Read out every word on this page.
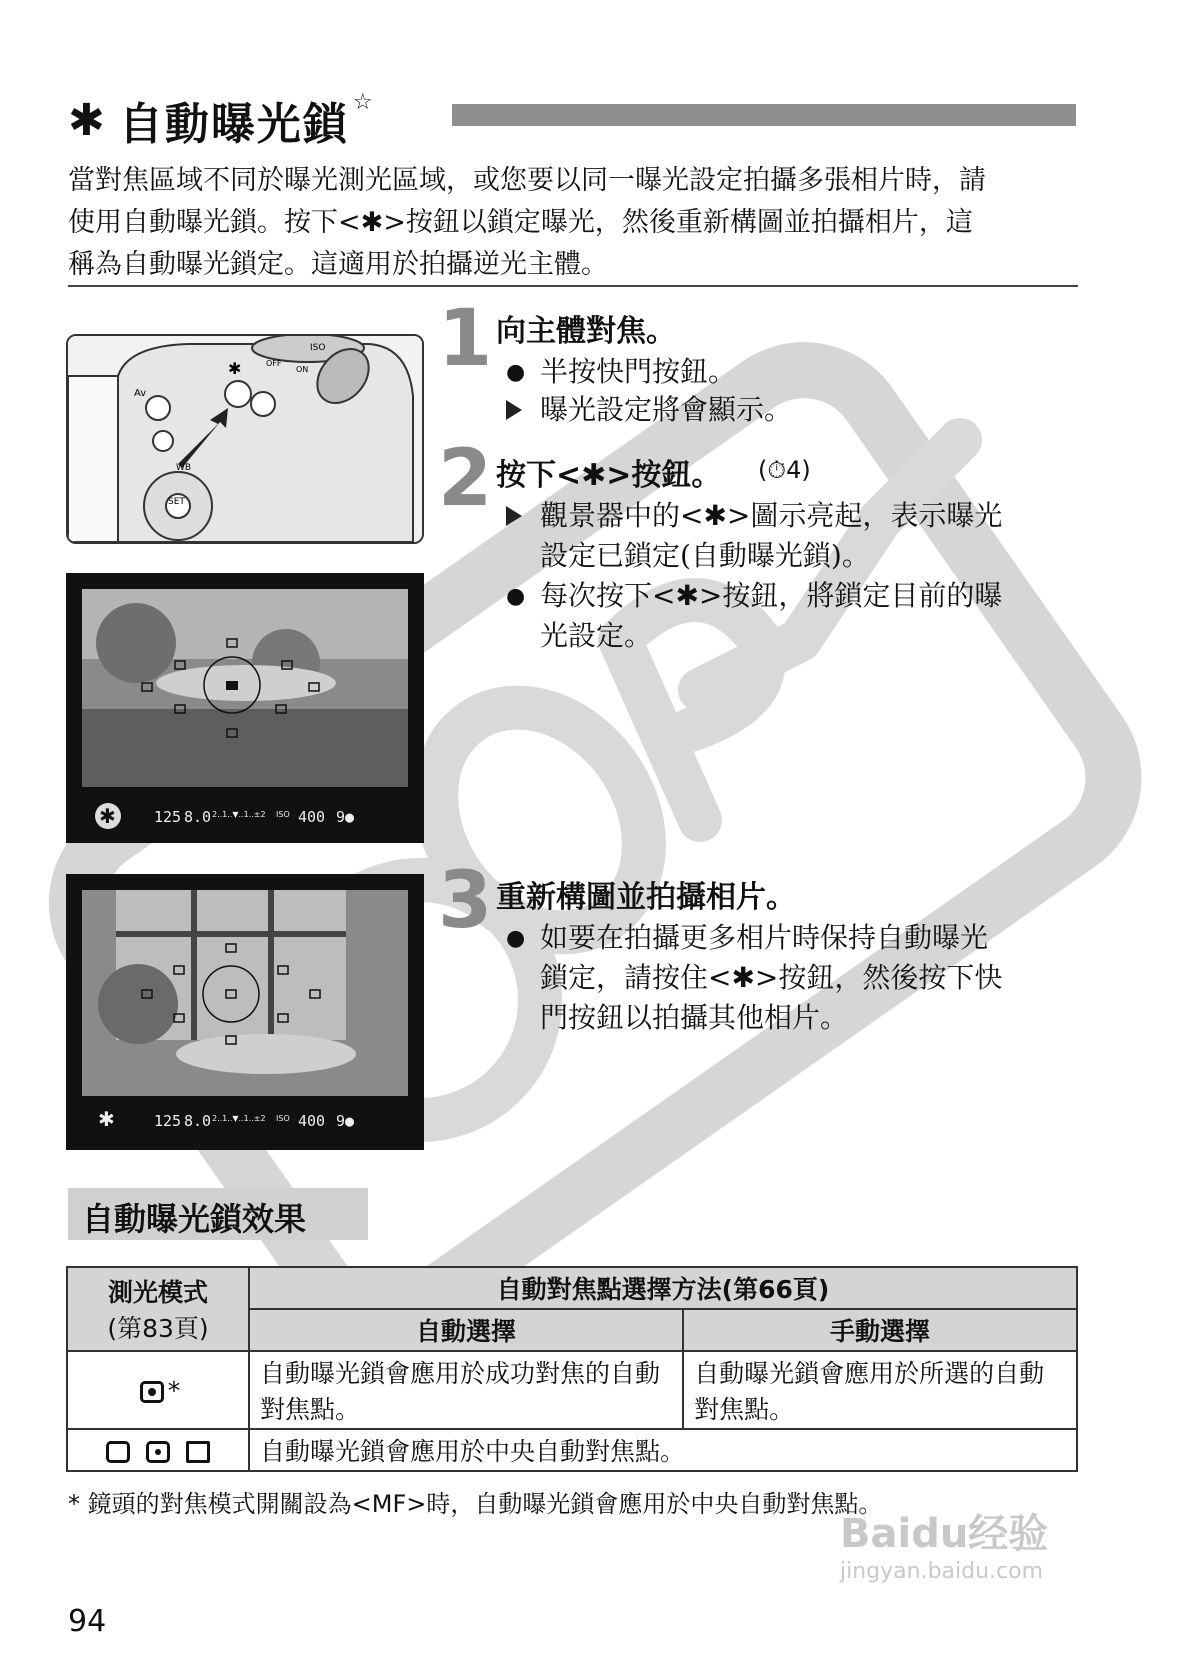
✱ 自動曝光鎖 ☆
當對焦區域不同於曝光測光區域，或您要以同一曝光設定拍攝多張相片時，請
使用自動曝光鎖。按下<✱>按鈕以鎖定曝光，然後重新構圖並拍攝相片，這
稱為自動曝光鎖定。這適用於拍攝逆光主體。
SET
WB
Av
✱
ISO
ON
OFF
✱	125 8.0 2..1..▼..1..±2 ISO 400 9●
✱	125 8.0 2..1..▼..1..±2 ISO 400 9●
1 向主體對焦。
● 半按快門按鈕。
曝光設定將會顯示。
2 按下<✱>按鈕。 (⏱4)
觀景器中的<✱>圖示亮起，表示曝光
設定已鎖定(自動曝光鎖)。
● 每次按下<✱>按鈕，將鎖定目前的曝
光設定。
3 重新構圖並拍攝相片。
● 如要在拍攝更多相片時保持自動曝光
鎖定，請按住<✱>按鈕，然後按下快
門按鈕以拍攝其他相片。
自動曝光鎖效果
測光模式
(第83頁)	自動對焦點選擇方法(第66頁)	
	自動選擇	手動選擇

*	自動曝光鎖會應用於成功對焦的自動對焦點。	自動曝光鎖會應用於所選的自動對焦點。

	自動曝光鎖會應用於中央自動對焦點。	
* 鏡頭的對焦模式開關設為<MF>時，自動曝光鎖會應用於中央自動對焦點。
94
Baidu经验
jingyan.baidu.com
